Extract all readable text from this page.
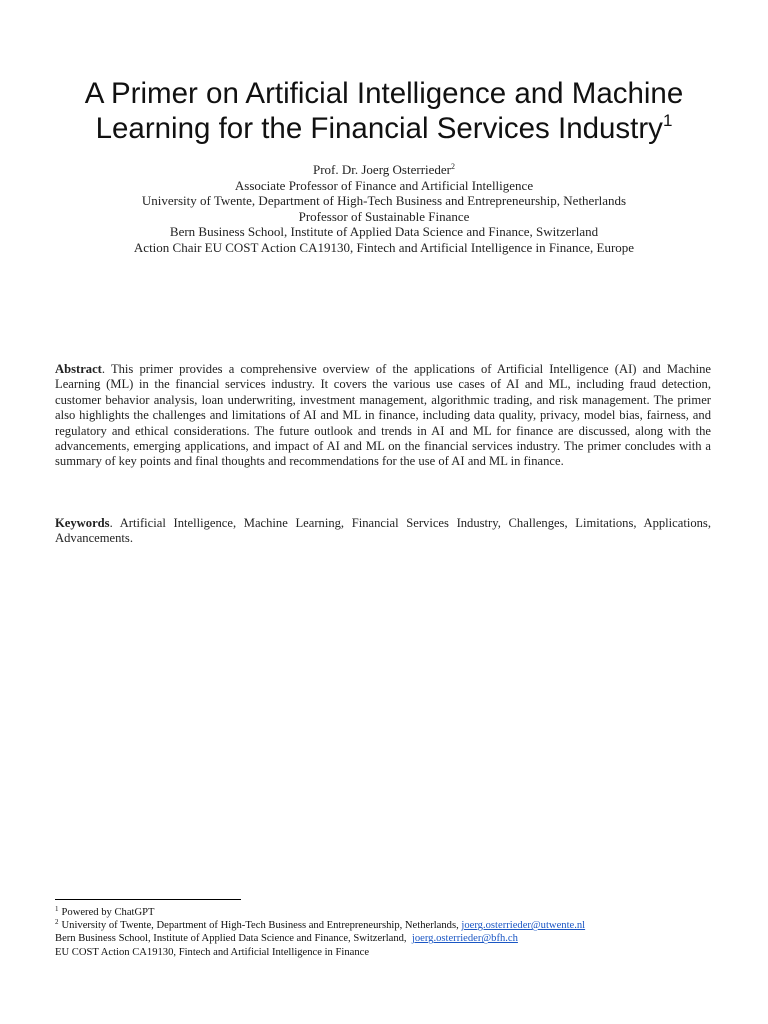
A Primer on Artificial Intelligence and Machine Learning for the Financial Services Industry$^1$
Prof. Dr. Joerg Osterrieder$^2$
Associate Professor of Finance and Artificial Intelligence
University of Twente, Department of High-Tech Business and Entrepreneurship, Netherlands
Professor of Sustainable Finance
Bern Business School, Institute of Applied Data Science and Finance, Switzerland
Action Chair EU COST Action CA19130, Fintech and Artificial Intelligence in Finance, Europe

Abstract. This primer provides a comprehensive overview of the applications of Artificial Intelligence (AI) and Machine Learning (ML) in the financial services industry. It covers the various use cases of AI and ML, including fraud detection, customer behavior analysis, loan underwriting, investment management, algorithmic trading, and risk management. The primer also highlights the challenges and limitations of AI and ML in finance, including data quality, privacy, model bias, fairness, and regulatory and ethical considerations. The future outlook and trends in AI and ML for finance are discussed, along with the advancements, emerging applications, and impact of AI and ML on the financial services industry. The primer concludes with a summary of key points and final thoughts and recommendations for the use of AI and ML in finance.

Keywords. Artificial Intelligence, Machine Learning, Financial Services Industry, Challenges, Limitations, Applications, Advancements.

$^1$ Powered by ChatGPT
$^2$ University of Twente, Department of High-Tech Business and Entrepreneurship, Netherlands, joerg.osterrieder@utwente.nl
Bern Business School, Institute of Applied Data Science and Finance, Switzerland,  joerg.osterrieder@bfh.ch
EU COST Action CA19130, Fintech and Artificial Intelligence in Finance
